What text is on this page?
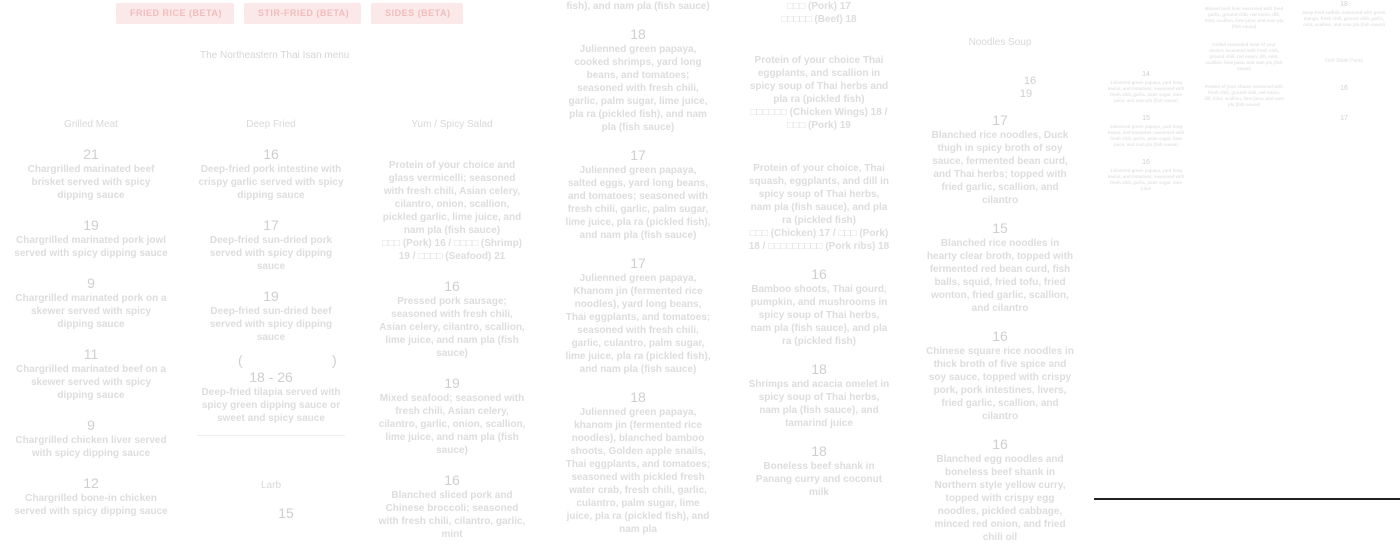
FRIED RICE (BETA)	STIR-FRIED (BETA)	SIDES (BETA)
The Northeastern Thai Isan menu
Grilled Meat
21
Chargrilled marinated beef brisket served with spicy dipping sauce
19
Chargrilled marinated pork jowl served with spicy dipping sauce
9
Chargrilled marinated pork on a skewer served with spicy dipping sauce
11
Chargrilled marinated beef on a skewer served with spicy dipping sauce
9
Chargrilled chicken liver served with spicy dipping sauce
12
Chargrilled bone-in chicken served with spicy dipping sauce
Deep Fried
16
Deep-fried pork intestine with crispy garlic served with spicy dipping sauce
17
Deep-fried sun-dried pork served with spicy dipping sauce
19
Deep-fried sun-dried beef served with spicy dipping sauce
(	)
18 - 26
Deep-fried tilapia served with spicy green dipping sauce or sweet and spicy sauce
Larb
15
Yum / Spicy Salad
Protein of your choice and glass vermicelli; seasoned with fresh chili, Asian celery, cilantro, onion, scallion, pickled garlic, lime juice, and nam pla (fish sauce)
□□□ (Pork) 16 / □□□□ (Shrimp) 19 / □□□□ (Seafood) 21
16
Pressed pork sausage; seasoned with fresh chili, Asian celery, cilantro, scallion, lime juice, and nam pla (fish sauce)
19
Mixed seafood; seasoned with fresh chili, Asian celery, cilantro, garlic, onion, scallion, lime juice, and nam pla (fish sauce)
16
Blanched sliced pork and Chinese broccoli; seasoned with fresh chili, cilantro, garlic, mint
fish), and nam pla (fish sauce)
18
Julienned green papaya, cooked shrimps, yard long beans, and tomatoes; seasoned with fresh chili, garlic, palm sugar, lime juice, pla ra (pickled fish), and nam pla (fish sauce)
17
Julienned green papaya, salted eggs, yard long beans, and tomatoes; seasoned with fresh chili, garlic, palm sugar, lime juice, pla ra (pickled fish), and nam pla (fish sauce)
17
Julienned green papaya, Khanom jin (fermented rice noodles), yard long beans, Thai eggplants, and tomatoes; seasoned with fresh chili, garlic, culantro, palm sugar, lime juice, pla ra (pickled fish), and nam pla (fish sauce)
18
Julienned green papaya, khanom jin (fermented rice noodles), blanched bamboo shoots, Golden apple snails, Thai eggplants, and tomatoes; seasoned with pickled fresh water crab, fresh chili, garlic, culantro, palm sugar, lime juice, pla ra (pickled fish), and nam pla
□□□ (Pork) 17
□□□□□ (Beef) 18
Protein of your choice Thai eggplants, and scallion in spicy soup of Thai herbs and pla ra (pickled fish)
□□□□□□ (Chicken Wings) 18 / □□□ (Pork) 19
Protein of your choice, Thai squash, eggplants, and dill in spicy soup of Thai herbs, nam pla (fish sauce), and pla ra (pickled fish)
□□□ (Chicken) 17 / □□□ (Pork) 18 / □□□□□□□□□ (Pork ribs) 18
16
Bamboo shoots, Thai gourd, pumpkin, and mushrooms in spicy soup of Thai herbs, nam pla (fish sauce), and pla ra (pickled fish)
18
Shrimps and acacia omelet in spicy soup of Thai herbs, nam pla (fish sauce), and tamarind juice
18
Boneless beef shank in Panang curry and coconut milk
Noodles Soup
16
19
17
Blanched rice noodles, Duck thigh in spicy broth of soy sauce, fermented bean curd, and Thai herbs; topped with fried garlic, scallion, and cilantro
15
Blanched rice noodles in hearty clear broth, topped with fermented red bean curd, fish balls, squid, fried tofu, fried wonton, fried garlic, scallion, and cilantro
16
Chinese square rice noodles in thick broth of five spice and soy sauce, topped with crispy pork, pork intestines, livers, fried garlic, scallion, and cilantro
16
Blanched egg noodles and boneless beef shank in Northern style yellow curry, topped with crispy egg noodles, pickled cabbage, minced red onion, and fried chili oil
14
Julienned green papaya, yard long beans, and tomatoes; seasoned with fresh chili, garlic, palm sugar, lime juice, and nam pla (fish sauce)
15
Julienned green papaya, yard long beans, and tomatoes; seasoned with fresh chili, garlic, palm sugar, lime juice, and nam pla (fish sauce)
16
Julienned green papaya, yard long beans, and tomatoes; seasoned with fresh chili, garlic, palm sugar, lime juice
Minced pork liver seasoned with fried garlic, ground chili, red onion, dill, mint, scallion, lime juice, and nam pla (fish sauce)
Grilled marinated meat of your choice; seasoned with fresh chili, ground chili, red onion, dill, mint, scallion, lime juice, and nam pla (fish sauce)
Protein of your choice seasoned with fresh chili, ground chili, red onion, dill, mint, scallion, lime juice, and nam pla (fish sauce)
18
Deep-fried catfish, seasoned with green mango, fresh chili, ground chili, garlic, mint, scallion, and nam pla (fish sauce)
Fish Steak Pasta
16
17
